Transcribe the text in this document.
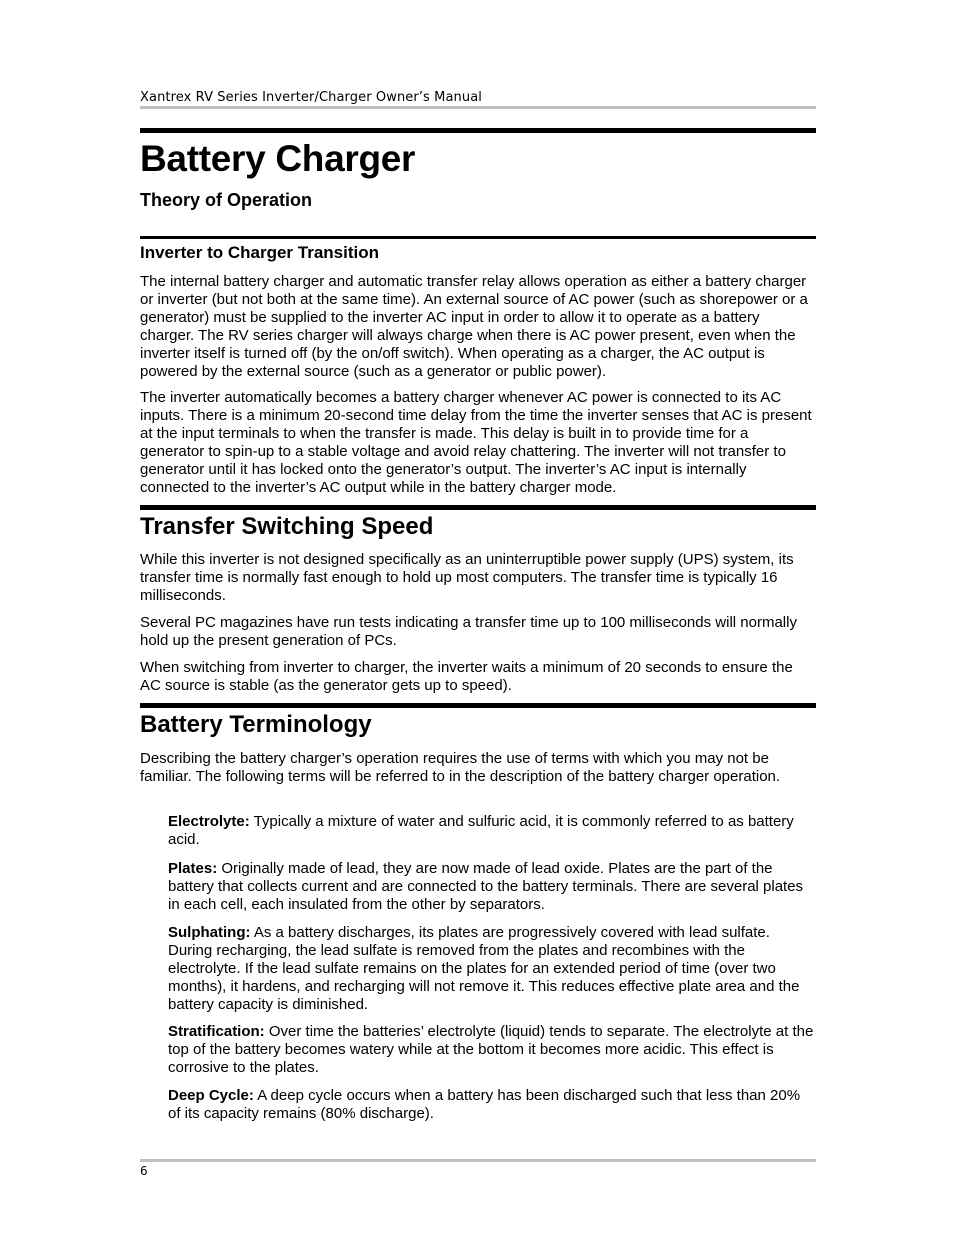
Xantrex RV Series Inverter/Charger Owner’s Manual
Battery Charger
Theory of Operation
Inverter to Charger Transition

The internal battery charger and automatic transfer relay allows operation as either a battery charger or inverter (but not both at the same time). An external source of AC power (such as shorepower or a generator) must be supplied to the inverter AC input in order to allow it to operate as a battery charger. The RV series charger will always charge when there is AC power present, even when the inverter itself is turned off (by the on/off switch). When operating as a charger, the AC output is powered by the external source (such as a generator or public power).

The inverter automatically becomes a battery charger whenever AC power is connected to its AC inputs. There is a minimum 20-second time delay from the time the inverter senses that AC is present at the input terminals to when the transfer is made. This delay is built in to provide time for a generator to spin-up to a stable voltage and avoid relay chattering. The inverter will not transfer to generator until it has locked onto the generator’s output. The inverter’s AC input is internally connected to the inverter’s AC output while in the battery charger mode.

Transfer Switching Speed

While this inverter is not designed specifically as an uninterruptible power supply (UPS) system, its transfer time is normally fast enough to hold up most computers. The transfer time is typically 16 milliseconds.

Several PC magazines have run tests indicating a transfer time up to 100 milliseconds will normally hold up the present generation of PCs.

When switching from inverter to charger, the inverter waits a minimum of 20 seconds to ensure the AC source is stable (as the generator gets up to speed).

Battery Terminology

Describing the battery charger’s operation requires the use of terms with which you may not be familiar. The following terms will be referred to in the description of the battery charger operation.

Electrolyte: Typically a mixture of water and sulfuric acid, it is commonly referred to as battery acid.

Plates: Originally made of lead, they are now made of lead oxide. Plates are the part of the battery that collects current and are connected to the battery terminals. There are several plates in each cell, each insulated from the other by separators.

Sulphating: As a battery discharges, its plates are progressively covered with lead sulfate. During recharging, the lead sulfate is removed from the plates and recombines with the electrolyte. If the lead sulfate remains on the plates for an extended period of time (over two months), it hardens, and recharging will not remove it. This reduces effective plate area and the battery capacity is diminished.

Stratification: Over time the batteries’ electrolyte (liquid) tends to separate. The electrolyte at the top of the battery becomes watery while at the bottom it becomes more acidic. This effect is corrosive to the plates.

Deep Cycle: A deep cycle occurs when a battery has been discharged such that less than 20% of its capacity remains (80% discharge).

6
